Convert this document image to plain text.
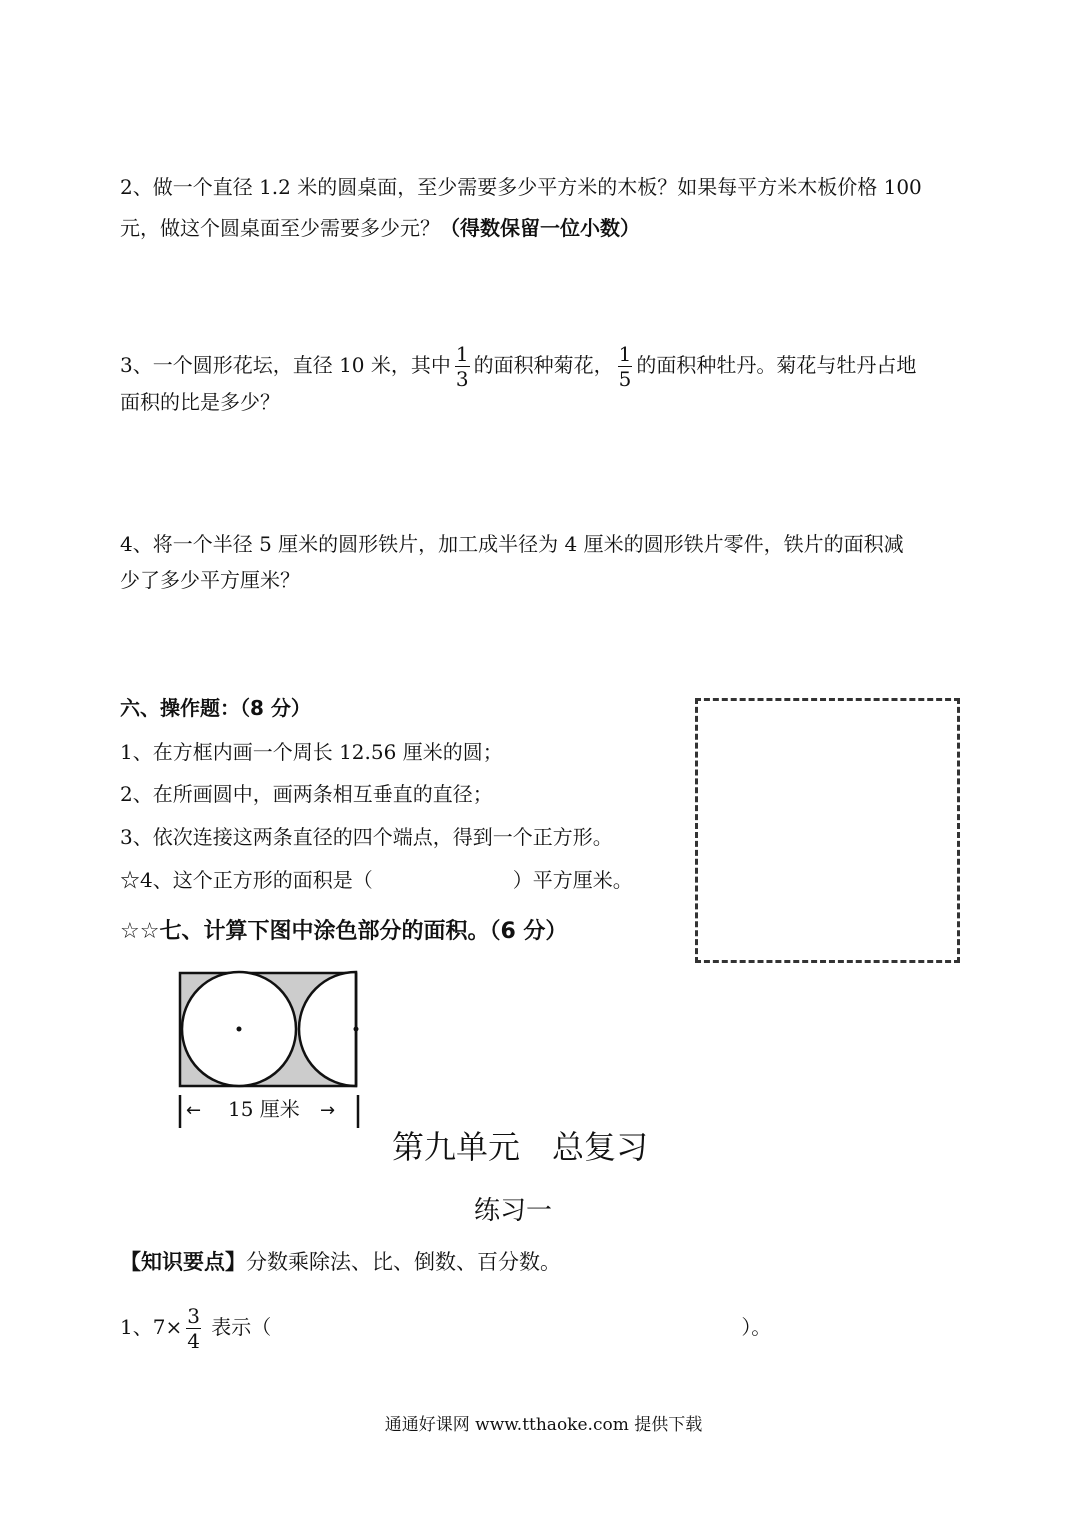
2、做一个直径 1.2 米的圆桌面，至少需要多少平方米的木板？如果每平方米木板价格 100
元，做这个圆桌面至少需要多少元？（得数保留一位小数）
3、一个圆形花坛，直径 10 米，其中 $\frac{1}{3}$ 的面积种菊花， $\frac{1}{5}$ 的面积种牡丹。菊花与牡丹占地
面积的比是多少？
4、将一个半径 5 厘米的圆形铁片，加工成半径为 4 厘米的圆形铁片零件，铁片的面积减
少了多少平方厘米？
六、操作题：（8 分）
1、在方框内画一个周长 12.56 厘米的圆；
2、在所画圆中，画两条相互垂直的直径；
3、依次连接这两条直径的四个端点，得到一个正方形。
☆4、这个正方形的面积是（	）平方厘米。
☆☆七、计算下图中涂色部分的面积。（6 分）
←	→
15 厘米
第九单元　总复习
练习一
【知识要点】分数乘除法、比、倒数、百分数。
1、$7\times \frac{3}{4}$ 表示（	）。
通通好课网 www.tthaoke.com 提供下载
